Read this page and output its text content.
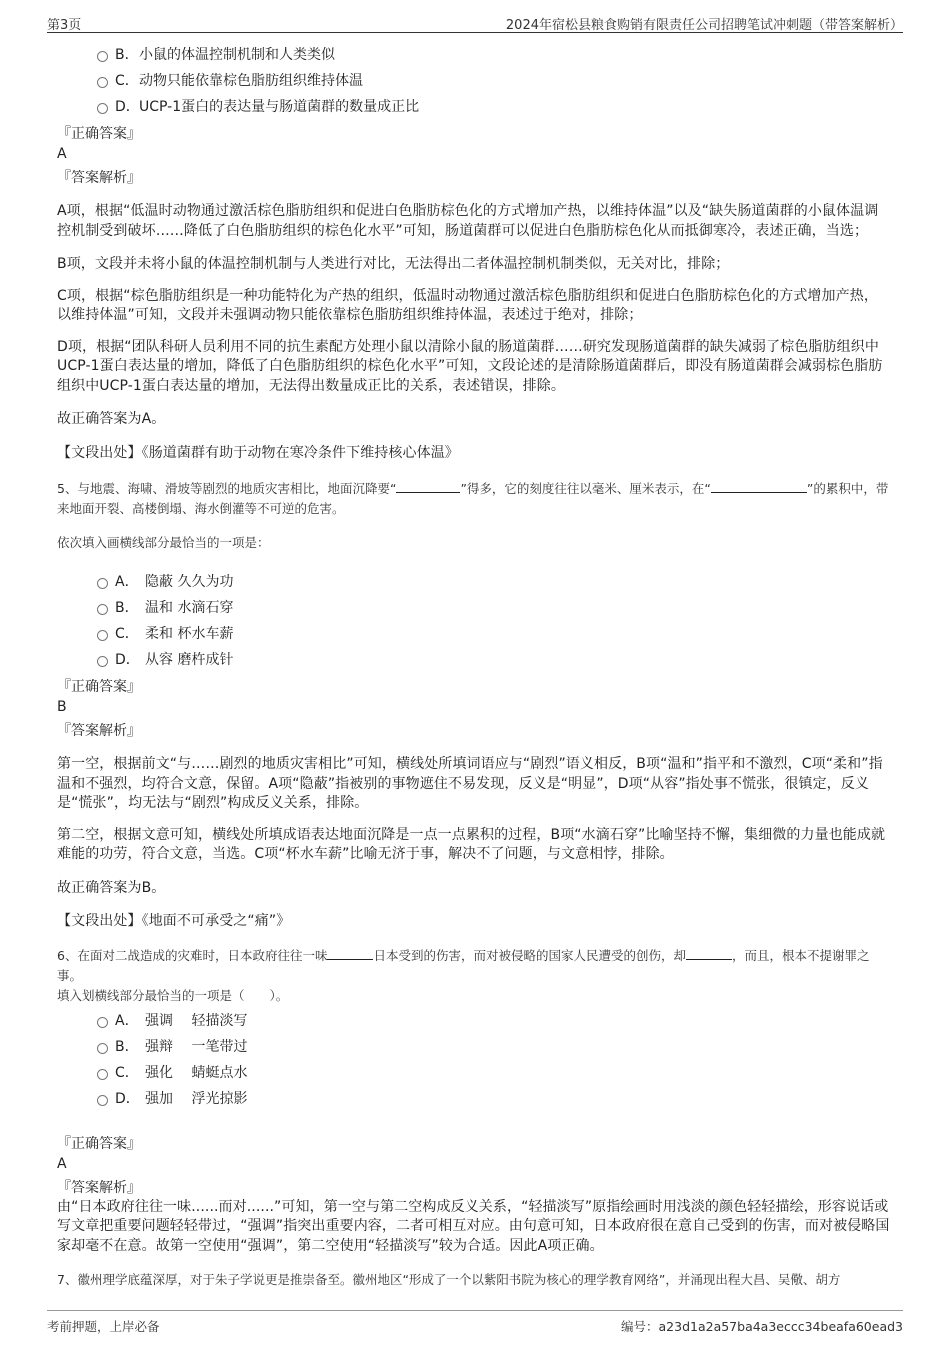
第3页	2024年宿松县粮食购销有限责任公司招聘笔试冲刺题（带答案解析）
B．小鼠的体温控制机制和人类类似
C．动物只能依靠棕色脂肪组织维持体温
D．UCP-1蛋白的表达量与肠道菌群的数量成正比
『正确答案』
A
『答案解析』

A项，根据“低温时动物通过激活棕色脂肪组织和促进白色脂肪棕色化的方式增加产热，以维持体温”以及“缺失肠道菌群的小鼠体温调控机制受到破坏……降低了白色脂肪组织的棕色化水平”可知，肠道菌群可以促进白色脂肪棕色化从而抵御寒冷，表述正确，当选；

B项，文段并未将小鼠的体温控制机制与人类进行对比，无法得出二者体温控制机制类似，无关对比，排除；

C项，根据“棕色脂肪组织是一种功能特化为产热的组织，低温时动物通过激活棕色脂肪组织和促进白色脂肪棕色化的方式增加产热，以维持体温”可知，文段并未强调动物只能依靠棕色脂肪组织维持体温，表述过于绝对，排除；

D项，根据“团队科研人员利用不同的抗生素配方处理小鼠以清除小鼠的肠道菌群……研究发现肠道菌群的缺失减弱了棕色脂肪组织中UCP-1蛋白表达量的增加，降低了白色脂肪组织的棕色化水平”可知，文段论述的是清除肠道菌群后，即没有肠道菌群会减弱棕色脂肪组织中UCP-1蛋白表达量的增加，无法得出数量成正比的关系，表述错误，排除。

故正确答案为A。

【文段出处】《肠道菌群有助于动物在寒冷条件下维持核心体温》

5、与地震、海啸、滑坡等剧烈的地质灾害相比，地面沉降要“	”得多，它的刻度往往以毫米、厘米表示，在“	”的累积中，带来地面开裂、高楼倒塌、海水倒灌等不可逆的危害。
依次填入画横线部分最恰当的一项是：
A． 隐蔽 久久为功
B． 温和 水滴石穿
C． 柔和 杯水车薪
D． 从容 磨杵成针
『正确答案』
B
『答案解析』

第一空，根据前文“与……剧烈的地质灾害相比”可知，横线处所填词语应与“剧烈”语义相反，B项“温和”指平和不激烈，C项“柔和”指温和不强烈，均符合文意，保留。A项“隐蔽”指被别的事物遮住不易发现，反义是“明显”，D项“从容”指处事不慌张，很镇定，反义是“慌张”，均无法与“剧烈”构成反义关系，排除。

第二空，根据文意可知，横线处所填成语表达地面沉降是一点一点累积的过程，B项“水滴石穿”比喻坚持不懈，集细微的力量也能成就难能的功劳，符合文意，当选。C项“杯水车薪”比喻无济于事，解决不了问题，与文意相悖，排除。

故正确答案为B。

【文段出处】《地面不可承受之“痛”》

6、在面对二战造成的灾难时，日本政府往往一味	日本受到的伤害，而对被侵略的国家人民遭受的创伤，却	，而且，根本不提谢罪之事。
填入划横线部分最恰当的一项是（　　）。
A． 强调　 轻描淡写
B． 强辩　 一笔带过
C． 强化　 蜻蜓点水
D． 强加　 浮光掠影
『正确答案』
A
『答案解析』

由“日本政府往往一味......而对......”可知，第一空与第二空构成反义关系，“轻描淡写”原指绘画时用浅淡的颜色轻轻描绘，形容说话或写文章把重要问题轻轻带过，“强调”指突出重要内容，二者可相互对应。由句意可知，日本政府很在意自己受到的伤害，而对被侵略国家却毫不在意。故第一空使用“强调”，第二空使用“轻描淡写”较为合适。因此A项正确。

7、徽州理学底蕴深厚，对于朱子学说更是推崇备至。徽州地区“形成了一个以紫阳书院为核心的理学教育网络”，并涌现出程大昌、吴儆、胡方
考前押题，上岸必备	编号：a23d1a2a57ba4a3eccc34beafa60ead3
